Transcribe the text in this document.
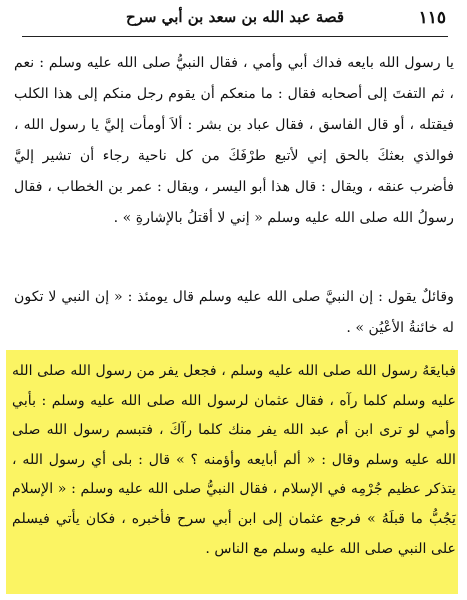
١١٥
قصة عبد الله بن سعد بن أبي سرح

يا رسول الله بايعه فداك أبي وأمي ، فقال النبيُّ صلى الله عليه وسلم : نعم ، ثم التفتَ إلى أصحابه فقال : ما منعكم أن يقوم رجل منكم إلى هذا الكلب فيقتله ، أو قال الفاسق ، فقال عباد بن بشر : ألاَ أومأت إليَّ يا رسول الله ، فوالذي بعثكَ بالحق إني لأتبع طرْفَكَ من كل ناحية رجاء أن تشير إليَّ فأضرب عنقه ، ويقال : قال هذا أبو اليسر ، ويقال : عمر بن الخطاب ، فقال رسولُ الله صلى الله عليه وسلم « إني لا أقتلُ بالإشارةِ » .

وقائلٌ يقول : إن النبيَّ صلى الله عليه وسلم قال يومئذ : « إن النبي لا تكون له خائنةُ الأعْيُن » .

فبايعَهُ رسول الله صلى الله عليه وسلم ، فجعل يفر من رسول الله صلى الله عليه وسلم كلما رآه ، فقال عثمان لرسول الله صلى الله عليه وسلم : بأبي وأمي لو ترى ابن أم عبد الله يفر منك كلما رآكَ ، فتبسم رسول الله صلى الله عليه وسلم وقال : « ألم أبايعه وأؤمنه ؟ » قال : بلى أي رسول الله ، يتذكر عظيم جُرْمِه في الإسلام ، فقال النبيُّ صلى الله عليه وسلم : « الإسلام يَجُبُّ ما قبلَهُ » فرجع عثمان إلى ابن أبي سرح فأخبره ، فكان يأتي فيسلم على النبي صلى الله عليه وسلم مع الناس .
